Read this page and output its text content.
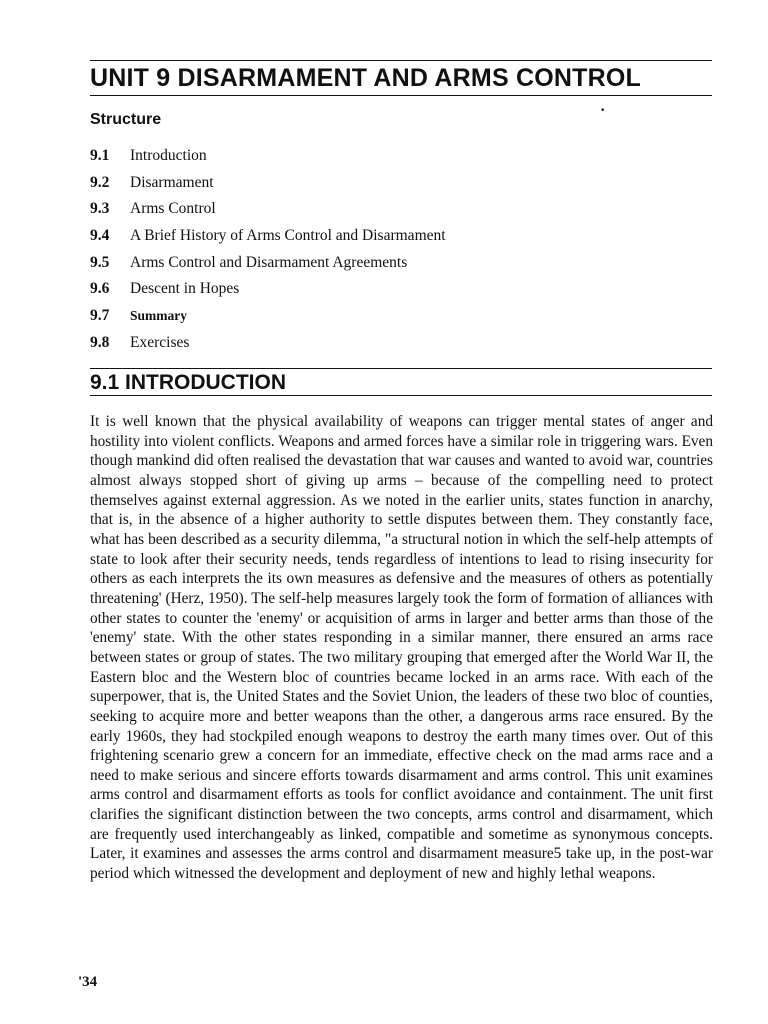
UNIT 9 DISARMAMENT AND ARMS CONTROL
•
Structure
9.1 Introduction
9.2 Disarmament
9.3 Arms Control
9.4 A Brief History of Arms Control and Disarmament
9.5 Arms Control and Disarmament Agreements
9.6 Descent in Hopes
9.7 Summary
9.8 Exercises
9.1 INTRODUCTION

It is well known that the physical availability of weapons can trigger mental states of anger and hostility into violent conflicts. Weapons and armed forces have a similar role in triggering wars. Even though mankind did often realised the devastation that war causes and wanted to avoid war, countries almost always stopped short of giving up arms – because of the compelling need to protect themselves against external aggression. As we noted in the earlier units, states function in anarchy, that is, in the absence of a higher authority to settle disputes between them. They constantly face, what has been described as a security dilemma, "a structural notion in which the self-help attempts of state to look after their security needs, tends regardless of intentions to lead to rising insecurity for others as each interprets the its own measures as defensive and the measures of others as potentially threatening' (Herz, 1950). The self-help measures largely took the form of formation of alliances with other states to counter the 'enemy' or acquisition of arms in larger and better arms than those of the 'enemy' state. With the other states responding in a similar manner, there ensured an arms race between states or group of states. The two military grouping that emerged after the World War II, the Eastern bloc and the Western bloc of countries became locked in an arms race. With each of the superpower, that is, the United States and the Soviet Union, the leaders of these two bloc of counties, seeking to acquire more and better weapons than the other, a dangerous arms race ensured. By the early 1960s, they had stockpiled enough weapons to destroy the earth many times over. Out of this frightening scenario grew a concern for an immediate, effective check on the mad arms race and a need to make serious and sincere efforts towards disarmament and arms control. This unit examines arms control and disarmament efforts as tools for conflict avoidance and containment. The unit first clarifies the significant distinction between the two concepts, arms control and disarmament, which are frequently used interchangeably as linked, compatible and sometime as synonymous concepts. Later, it examines and assesses the arms control and disarmament measure5 take up, in the post-war period which witnessed the development and deployment of new and highly lethal weapons.

'34
